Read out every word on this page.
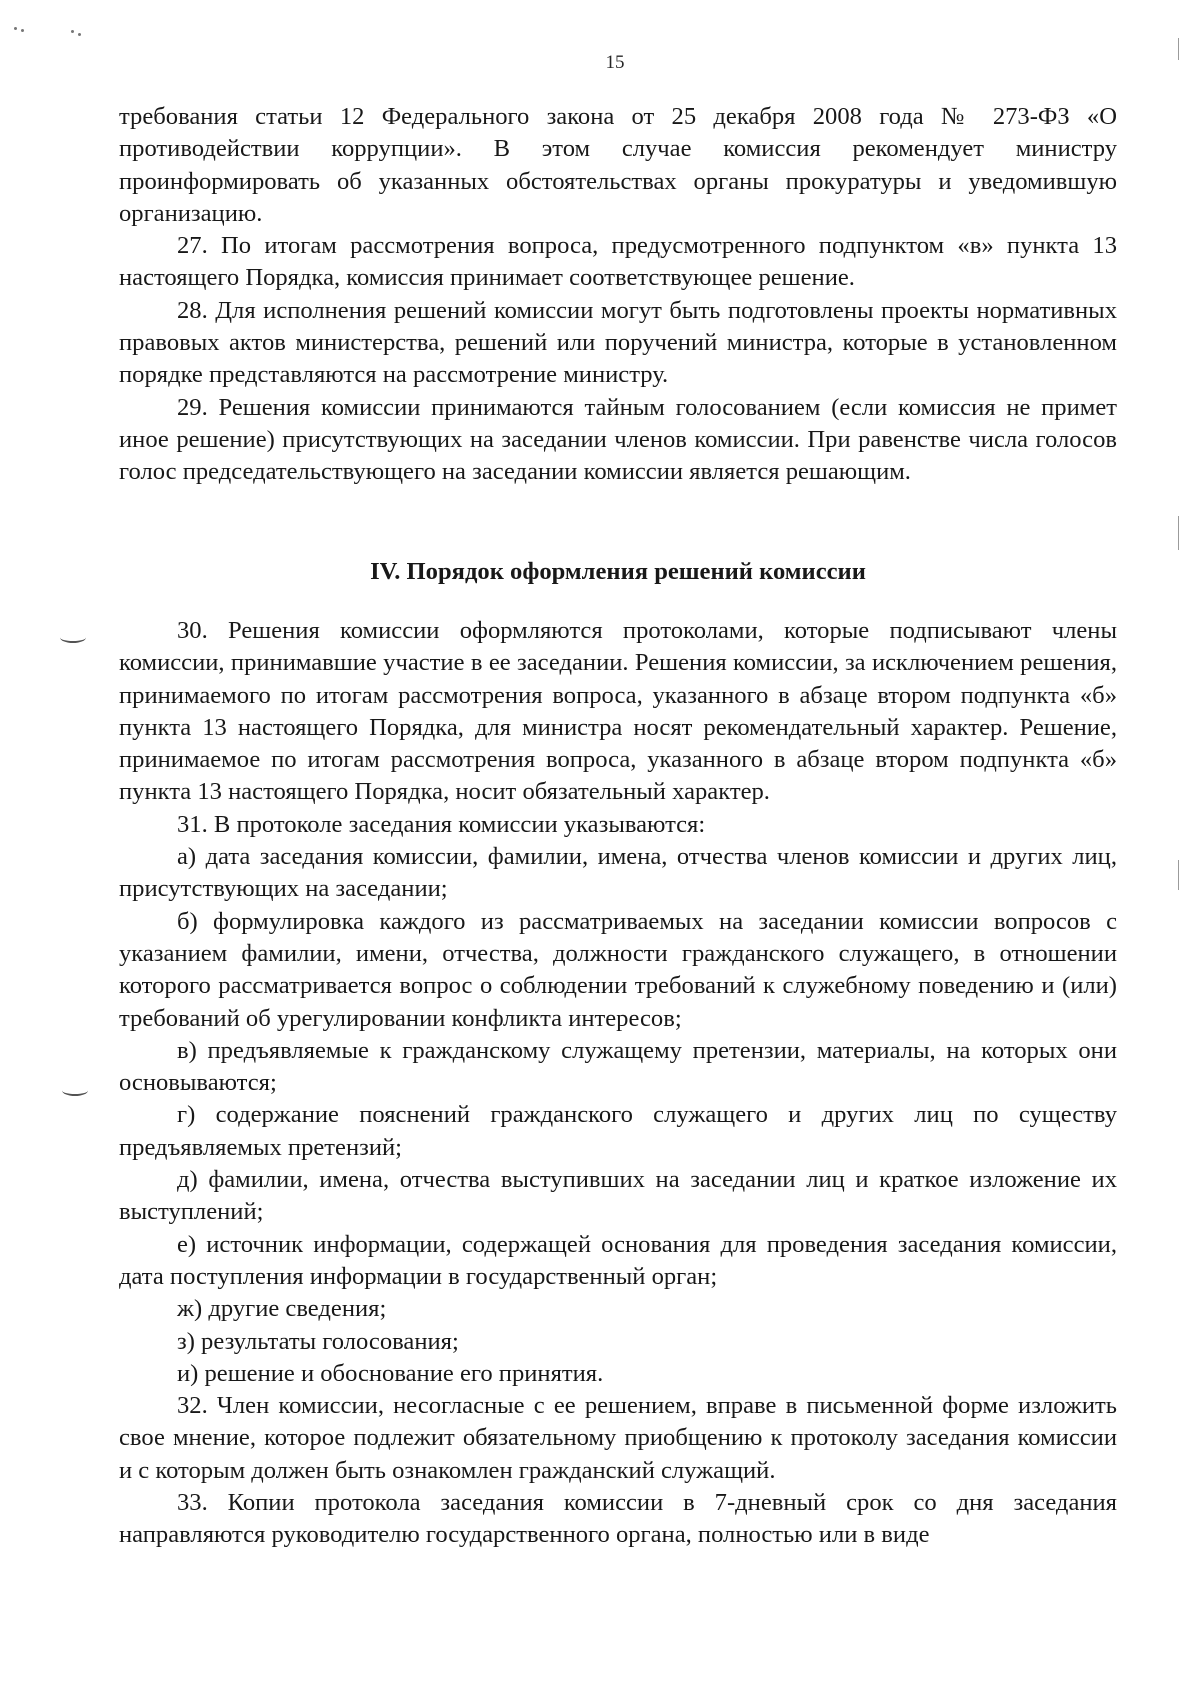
15

требования статьи 12 Федерального закона от 25 декабря 2008 года № 273-ФЗ «О противодействии коррупции». В этом случае комиссия рекомендует министру проинформировать об указанных обстоятельствах органы прокуратуры и уведомившую организацию.

27. По итогам рассмотрения вопроса, предусмотренного подпунктом «в» пункта 13 настоящего Порядка, комиссия принимает соответствующее решение.

28. Для исполнения решений комиссии могут быть подготовлены проекты нормативных правовых актов министерства, решений или поручений министра, которые в установленном порядке представляются на рассмотрение министру.

29. Решения комиссии принимаются тайным голосованием (если комиссия не примет иное решение) присутствующих на заседании членов комиссии. При равенстве числа голосов голос председательствующего на заседании комиссии является решающим.

IV. Порядок оформления решений комиссии

30. Решения комиссии оформляются протоколами, которые подписывают члены комиссии, принимавшие участие в ее заседании. Решения комиссии, за исключением решения, принимаемого по итогам рассмотрения вопроса, указанного в абзаце втором подпункта «б» пункта 13 настоящего Порядка, для министра носят рекомендательный характер. Решение, принимаемое по итогам рассмотрения вопроса, указанного в абзаце втором подпункта «б» пункта 13 настоящего Порядка, носит обязательный характер.

31. В протоколе заседания комиссии указываются:

а) дата заседания комиссии, фамилии, имена, отчества членов комиссии и других лиц, присутствующих на заседании;

б) формулировка каждого из рассматриваемых на заседании комиссии вопросов с указанием фамилии, имени, отчества, должности гражданского служащего, в отношении которого рассматривается вопрос о соблюдении требований к служебному поведению и (или) требований об урегулировании конфликта интересов;

в) предъявляемые к гражданскому служащему претензии, материалы, на которых они основываются;

г) содержание пояснений гражданского служащего и других лиц по существу предъявляемых претензий;

д) фамилии, имена, отчества выступивших на заседании лиц и краткое изложение их выступлений;

е) источник информации, содержащей основания для проведения заседания комиссии, дата поступления информации в государственный орган;

ж) другие сведения;

з) результаты голосования;

и) решение и обоснование его принятия.

32. Член комиссии, несогласные с ее решением, вправе в письменной форме изложить свое мнение, которое подлежит обязательному приобщению к протоколу заседания комиссии и с которым должен быть ознакомлен гражданский служащий.

33. Копии протокола заседания комиссии в 7-дневный срок со дня заседания направляются руководителю государственного органа, полностью или в виде
